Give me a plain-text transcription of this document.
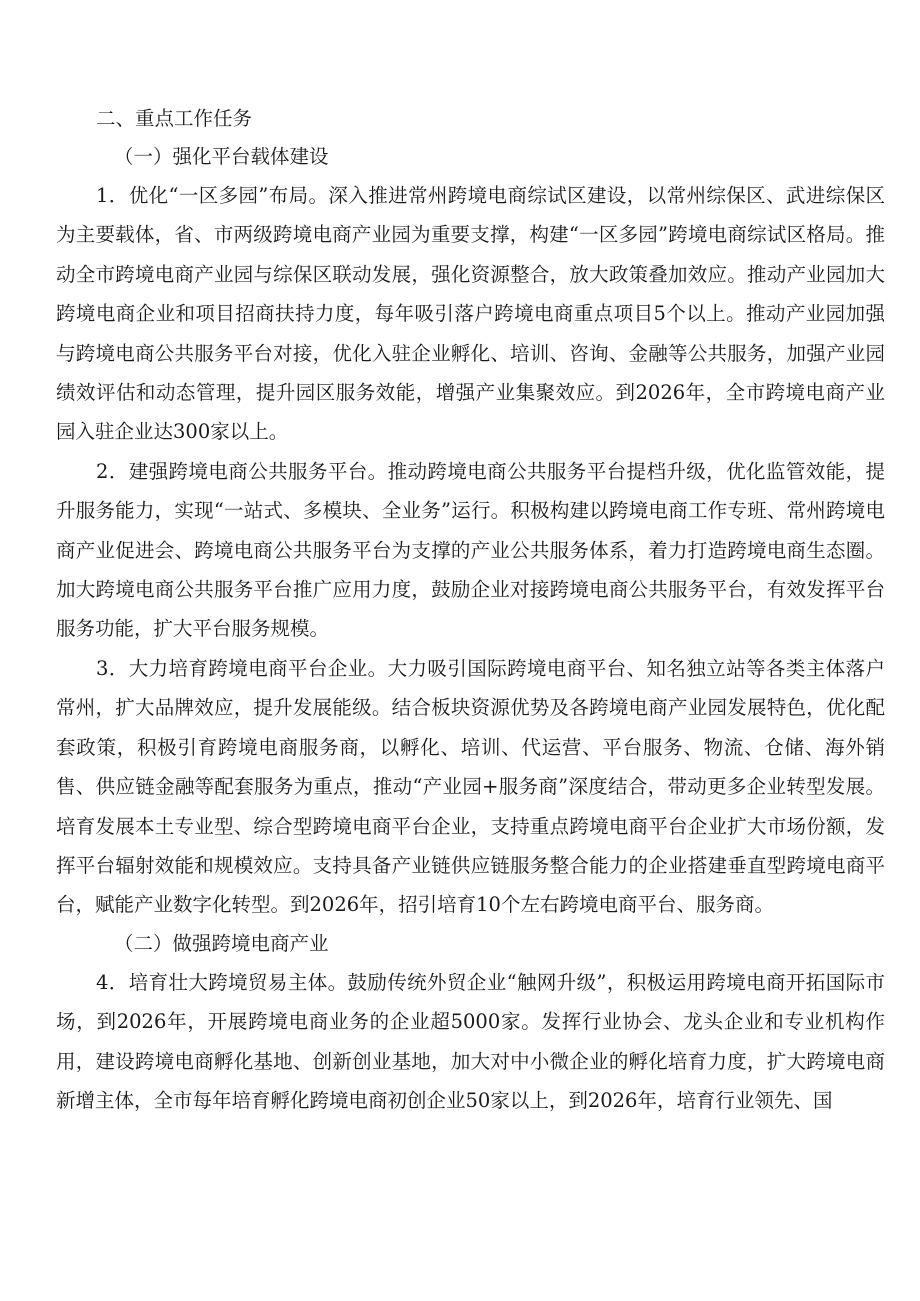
二、重点工作任务

（一）强化平台载体建设

1．优化“一区多园”布局。深入推进常州跨境电商综试区建设，以常州综保区、武进综保区为主要载体，省、市两级跨境电商产业园为重要支撑，构建“一区多园”跨境电商综试区格局。推动全市跨境电商产业园与综保区联动发展，强化资源整合，放大政策叠加效应。推动产业园加大跨境电商企业和项目招商扶持力度，每年吸引落户跨境电商重点项目5个以上。推动产业园加强与跨境电商公共服务平台对接，优化入驻企业孵化、培训、咨询、金融等公共服务，加强产业园绩效评估和动态管理，提升园区服务效能，增强产业集聚效应。到2026年，全市跨境电商产业园入驻企业达300家以上。

2．建强跨境电商公共服务平台。推动跨境电商公共服务平台提档升级，优化监管效能，提升服务能力，实现“一站式、多模块、全业务”运行。积极构建以跨境电商工作专班、常州跨境电商产业促进会、跨境电商公共服务平台为支撑的产业公共服务体系，着力打造跨境电商生态圈。加大跨境电商公共服务平台推广应用力度，鼓励企业对接跨境电商公共服务平台，有效发挥平台服务功能，扩大平台服务规模。

3．大力培育跨境电商平台企业。大力吸引国际跨境电商平台、知名独立站等各类主体落户常州，扩大品牌效应，提升发展能级。结合板块资源优势及各跨境电商产业园发展特色，优化配套政策，积极引育跨境电商服务商，以孵化、培训、代运营、平台服务、物流、仓储、海外销售、供应链金融等配套服务为重点，推动“产业园+服务商”深度结合，带动更多企业转型发展。培育发展本土专业型、综合型跨境电商平台企业，支持重点跨境电商平台企业扩大市场份额，发挥平台辐射效能和规模效应。支持具备产业链供应链服务整合能力的企业搭建垂直型跨境电商平台，赋能产业数字化转型。到2026年，招引培育10个左右跨境电商平台、服务商。

（二）做强跨境电商产业

4．培育壮大跨境贸易主体。鼓励传统外贸企业“触网升级”，积极运用跨境电商开拓国际市场，到2026年，开展跨境电商业务的企业超5000家。发挥行业协会、龙头企业和专业机构作用，建设跨境电商孵化基地、创新创业基地，加大对中小微企业的孵化培育力度，扩大跨境电商新增主体，全市每年培育孵化跨境电商初创企业50家以上，到2026年，培育行业领先、国
